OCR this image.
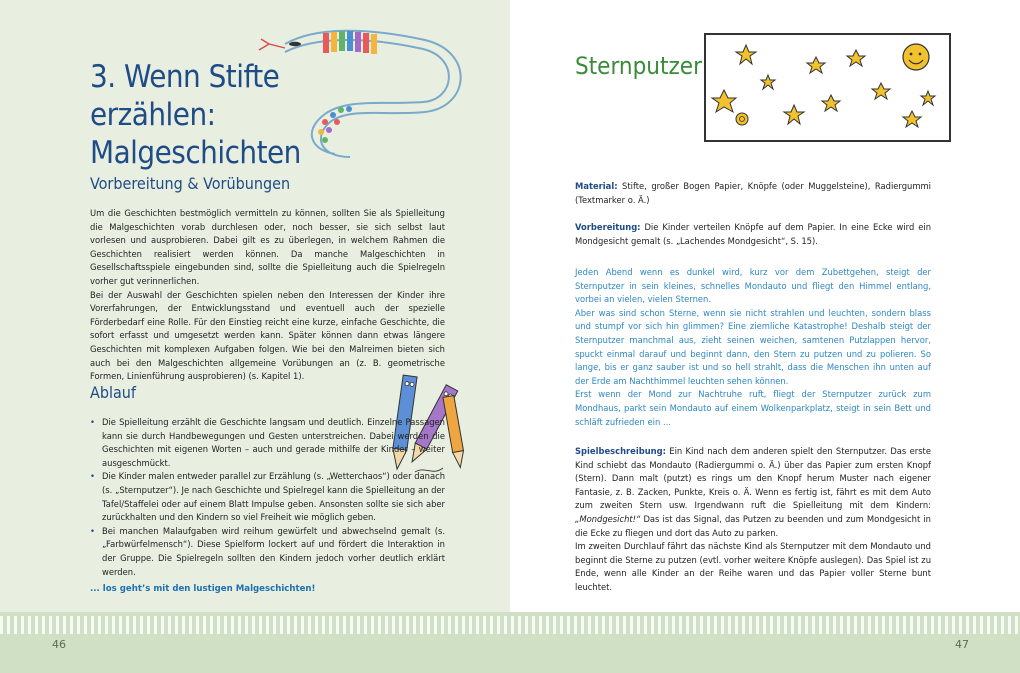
3. Wenn Stifte erzählen:
Malgeschichten
Vorbereitung & Vorübungen

Um die Geschichten bestmöglich vermitteln zu können, sollten Sie als Spielleitung die Malgeschichten vorab durchlesen oder, noch besser, sie sich selbst laut vorlesen und ausprobieren. Dabei gilt es zu überlegen, in welchem Rahmen die Geschichten realisiert werden können. Da manche Malgeschichten in Gesellschaftsspiele eingebunden sind, sollte die Spielleitung auch die Spielregeln vorher gut verinnerlichen.

Bei der Auswahl der Geschichten spielen neben den Interessen der Kinder ihre Vorerfahrungen, der Entwicklungsstand und eventuell auch der spezielle Förderbedarf eine Rolle. Für den Einstieg reicht eine kurze, einfache Geschichte, die sofort erfasst und umgesetzt werden kann. Später können dann etwas längere Geschichten mit komplexen Aufgaben folgen. Wie bei den Malreimen bieten sich auch bei den Malgeschichten allgemeine Vorübungen an (z. B. geometrische Formen, Linienführung ausprobieren) (s. Kapitel 1).

Ablauf
• Die Spielleitung erzählt die Geschichte langsam und deutlich. Einzelne Passagen kann sie durch Handbewegungen und Gesten unterstreichen. Dabei werden die Geschichten mit eigenen Worten – auch und gerade mithilfe der Kinder – weiter ausgeschmückt.
• Die Kinder malen entweder parallel zur Erzählung (s. „Wetterchaos“) oder danach (s. „Sternputzer“). Je nach Geschichte und Spielregel kann die Spielleitung an der Tafel/Staffelei oder auf einem Blatt Impulse geben. Ansonsten sollte sie sich aber zurückhalten und den Kindern so viel Freiheit wie möglich geben.
• Bei manchen Malaufgaben wird reihum gewürfelt und abwechselnd gemalt (s. „Farbwürfelmensch“). Diese Spielform lockert auf und fördert die Interaktion in der Gruppe. Die Spielregeln sollten den Kindern jedoch vorher deutlich erklärt werden.
... los geht’s mit den lustigen Malgeschichten!
Sternputzer
Material: Stifte, großer Bogen Papier, Knöpfe (oder Muggelsteine), Radiergummi (Textmarker o. Ä.)
Vorbereitung: Die Kinder verteilen Knöpfe auf dem Papier. In eine Ecke wird ein Mondgesicht gemalt (s. „Lachendes Mondgesicht“, S. 15).

Jeden Abend wenn es dunkel wird, kurz vor dem Zubettgehen, steigt der Sternputzer in sein kleines, schnelles Mondauto und fliegt den Himmel entlang, vorbei an vielen, vielen Sternen.

Aber was sind schon Sterne, wenn sie nicht strahlen und leuchten, sondern blass und stumpf vor sich hin glimmen? Eine ziemliche Katastrophe! Deshalb steigt der Sternputzer manchmal aus, zieht seinen weichen, samtenen Putzlappen hervor, spuckt einmal darauf und beginnt dann, den Stern zu putzen und zu polieren. So lange, bis er ganz sauber ist und so hell strahlt, dass die Menschen ihn unten auf der Erde am Nachthimmel leuchten sehen können.

Erst wenn der Mond zur Nachtruhe ruft, fliegt der Sternputzer zurück zum Mondhaus, parkt sein Mondauto auf einem Wolkenparkplatz, steigt in sein Bett und schläft zufrieden ein ...

Spielbeschreibung: Ein Kind nach dem anderen spielt den Sternputzer. Das erste Kind schiebt das Mondauto (Radiergummi o. Ä.) über das Papier zum ersten Knopf (Stern). Dann malt (putzt) es rings um den Knopf herum Muster nach eigener Fantasie, z. B. Zacken, Punkte, Kreis o. Ä. Wenn es fertig ist, fährt es mit dem Auto zum zweiten Stern usw. Irgendwann ruft die Spielleitung mit dem Kindern: „Mondgesicht!“ Das ist das Signal, das Putzen zu beenden und zum Mondgesicht in die Ecke zu fliegen und dort das Auto zu parken.

Im zweiten Durchlauf fährt das nächste Kind als Sternputzer mit dem Mondauto und beginnt die Sterne zu putzen (evtl. vorher weitere Knöpfe auslegen). Das Spiel ist zu Ende, wenn alle Kinder an der Reihe waren und das Papier voller Sterne bunt leuchtet.

46	47
